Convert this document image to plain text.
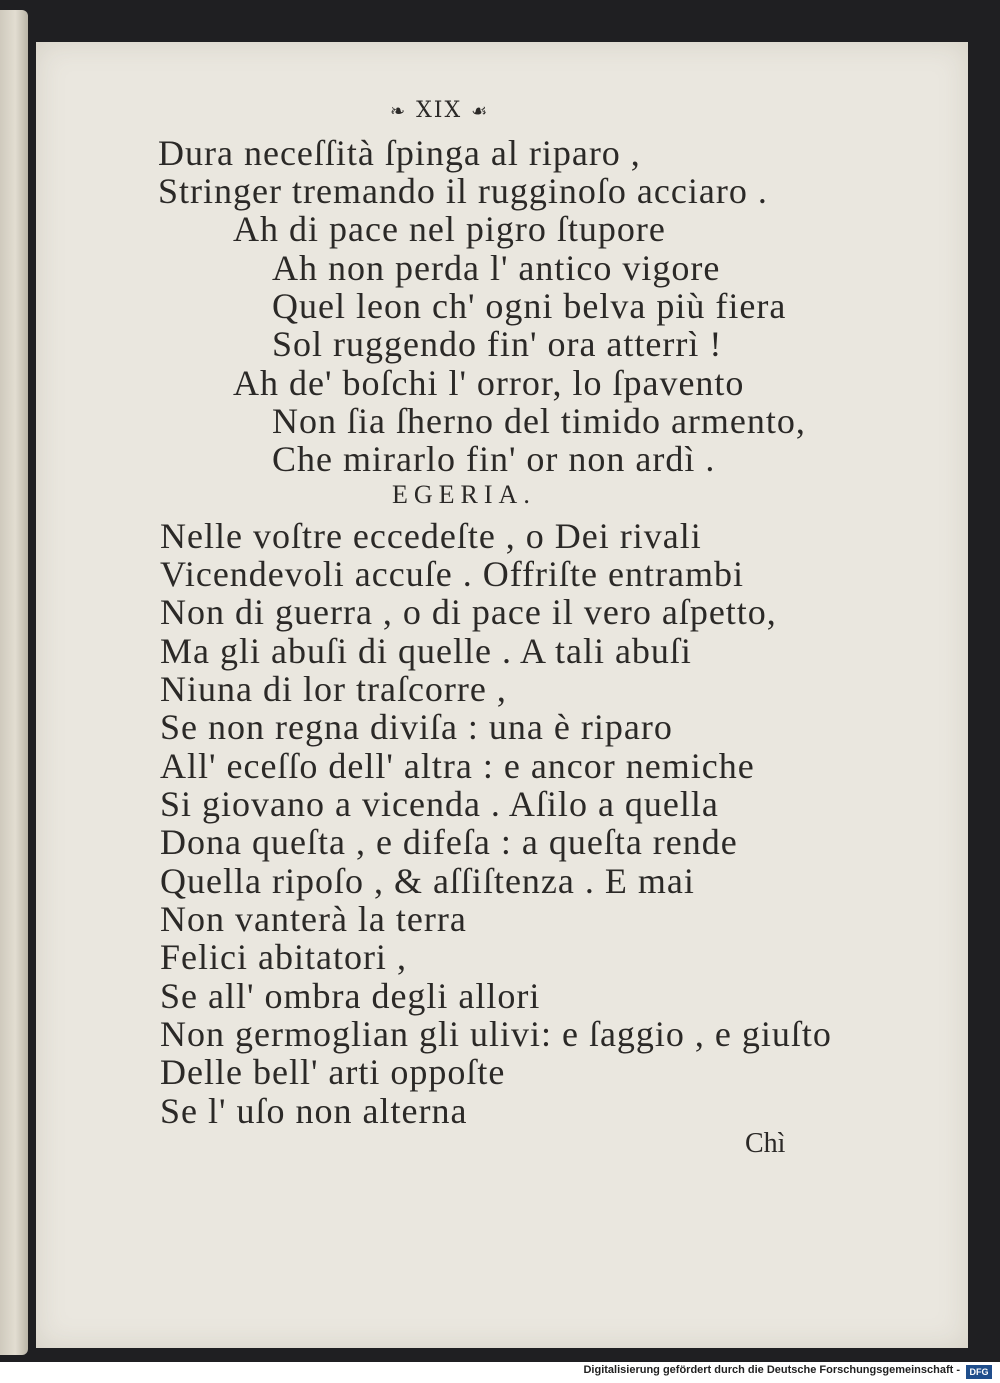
❧ XIX ☙
Dura neceſſità ſpinga al riparo ,
Stringer tremando il rugginoſo acciaro .
Ah di pace nel pigro ſtupore
Ah non perda l' antico vigore
Quel leon ch' ogni belva più fiera
Sol ruggendo fin' ora atterrì !
Ah de' boſchi l' orror, lo ſpavento
Non ſia ſherno del timido armento,
Che mirarlo fin' or non ardì .
EGERIA.
Nelle voſtre eccedeſte , o Dei rivali
Vicendevoli accuſe . Offriſte entrambi
Non di guerra , o di pace il vero aſpetto,
Ma gli abuſi di quelle . A tali abuſi
Niuna di lor traſcorre ,
Se non regna diviſa : una è riparo
All' eceſſo dell' altra : e ancor nemiche
Si giovano a vicenda . Aſilo a quella
Dona queſta , e difeſa : a queſta rende
Quella ripoſo , & aſſiſtenza . E mai
Non vanterà la terra
Felici abitatori ,
Se all' ombra degli allori
Non germoglian gli ulivi: e ſaggio , e giuſto
Delle bell' arti oppoſte
Se l' uſo non alterna
Chì
Digitalisierung gefördert durch die Deutsche Forschungsgemeinschaft -	DFG
